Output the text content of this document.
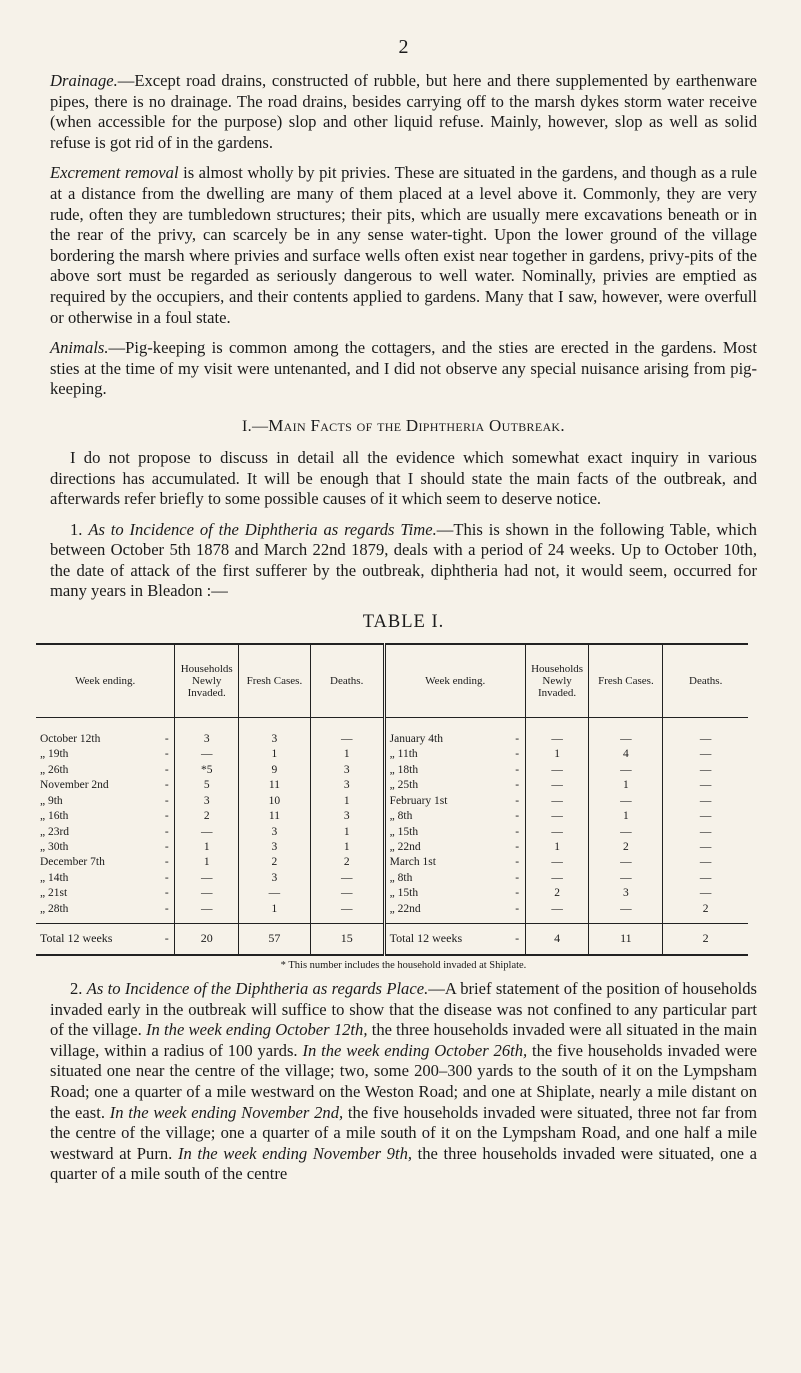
2

Drainage.—Except road drains, constructed of rubble, but here and there supplemented by earthenware pipes, there is no drainage. The road drains, besides carrying off to the marsh dykes storm water receive (when accessible for the purpose) slop and other liquid refuse. Mainly, however, slop as well as solid refuse is got rid of in the gardens.

Excrement removal is almost wholly by pit privies. These are situated in the gardens, and though as a rule at a distance from the dwelling are many of them placed at a level above it. Commonly, they are very rude, often they are tumbledown structures; their pits, which are usually mere excavations beneath or in the rear of the privy, can scarcely be in any sense water-tight. Upon the lower ground of the village bordering the marsh where privies and surface wells often exist near together in gardens, privy-pits of the above sort must be regarded as seriously dangerous to well water. Nominally, privies are emptied as required by the occupiers, and their contents applied to gardens. Many that I saw, however, were overfull or otherwise in a foul state.

Animals.—Pig-keeping is common among the cottagers, and the sties are erected in the gardens. Most sties at the time of my visit were untenanted, and I did not observe any special nuisance arising from pig-keeping.

I.—Main Facts of the Diphtheria Outbreak.

I do not propose to discuss in detail all the evidence which somewhat exact inquiry in various directions has accumulated. It will be enough that I should state the main facts of the outbreak, and afterwards refer briefly to some possible causes of it which seem to deserve notice.

1. As to Incidence of the Diphtheria as regards Time.—This is shown in the following Table, which between October 5th 1878 and March 22nd 1879, deals with a period of 24 weeks. Up to October 10th, the date of attack of the first sufferer by the outbreak, diphtheria had not, it would seem, occurred for many years in Bleadon :—

TABLE I.
Week ending.		Households Newly Invaded.	Fresh Cases.	Deaths.	Week ending.		Households Newly Invaded.	Fresh Cases.	Deaths.
October 12th	-	3	3	—	January 4th	-	—	—	—
„ 19th	-	—	1	1	„ 11th	-	1	4	—
„ 26th	-	*5	9	3	„ 18th	-	—	—	—
November 2nd	-	5	11	3	„ 25th	-	—	1	—
„ 9th	-	3	10	1	February 1st	-	—	—	—
„ 16th	-	2	11	3	„ 8th	-	—	1	—
„ 23rd	-	—	3	1	„ 15th	-	—	—	—
„ 30th	-	1	3	1	„ 22nd	-	1	2	—
December 7th	-	1	2	2	March 1st	-	—	—	—
„ 14th	-	—	3	—	„ 8th	-	—	—	—
„ 21st	-	—	—	—	„ 15th	-	2	3	—
„ 28th	-	—	1	—	„ 22nd	-	—	—	2
Total 12 weeks	-	20	57	15	Total 12 weeks	-	4	11	2
* This number includes the household invaded at Shiplate.

2. As to Incidence of the Diphtheria as regards Place.—A brief statement of the position of households invaded early in the outbreak will suffice to show that the disease was not confined to any particular part of the village. In the week ending October 12th, the three households invaded were all situated in the main village, within a radius of 100 yards. In the week ending October 26th, the five households invaded were situated one near the centre of the village; two, some 200–300 yards to the south of it on the Lympsham Road; one a quarter of a mile westward on the Weston Road; and one at Shiplate, nearly a mile distant on the east. In the week ending November 2nd, the five households invaded were situated, three not far from the centre of the village; one a quarter of a mile south of it on the Lympsham Road, and one half a mile westward at Purn. In the week ending November 9th, the three households invaded were situated, one a quarter of a mile south of the centre
